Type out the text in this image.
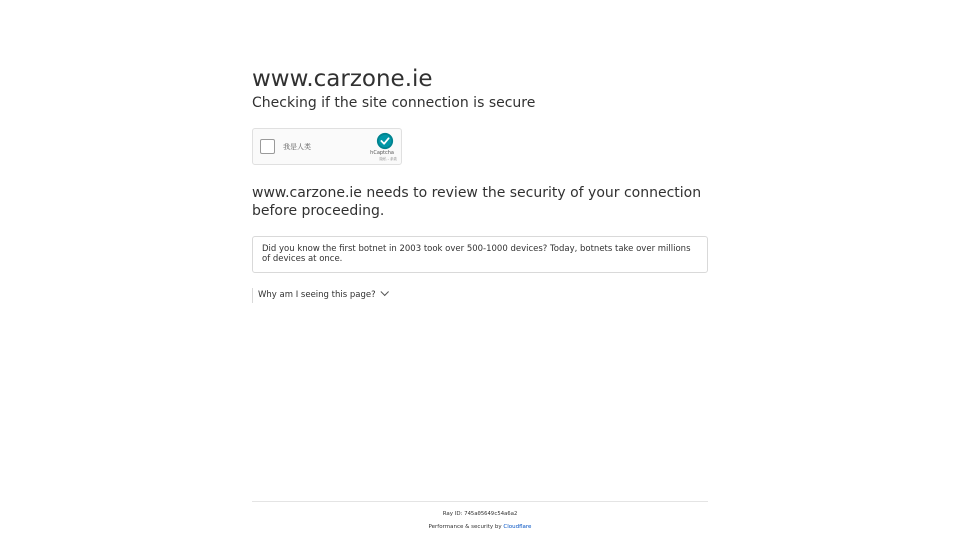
www.carzone.ie
Checking if the site connection is secure
我是人类
hCaptcha
隐私 - 条款
www.carzone.ie needs to review the security of your connection before proceeding.
Did you know the first botnet in 2003 took over 500-1000 devices? Today, botnets take over millions of devices at once.
Why am I seeing this page?
Ray ID: 745a05649c54a6a2
Performance & security by Cloudflare
